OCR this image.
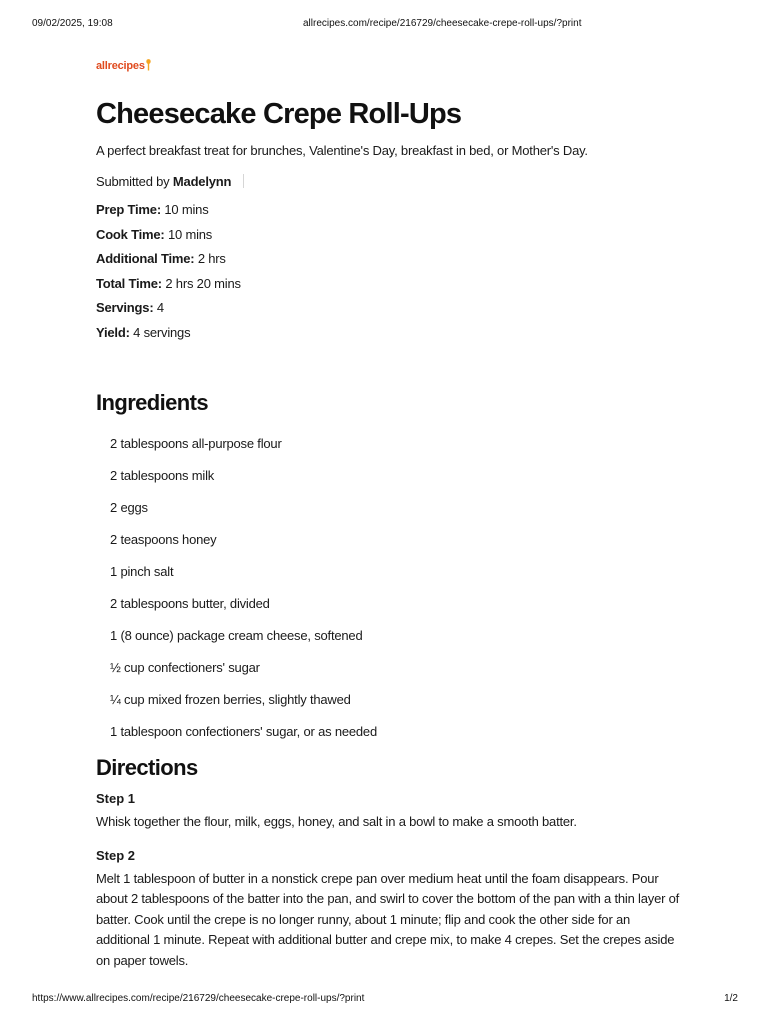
09/02/2025, 19:08	allrecipes.com/recipe/216729/cheesecake-crepe-roll-ups/?print
allrecipes
Cheesecake Crepe Roll-Ups

A perfect breakfast treat for brunches, Valentine's Day, breakfast in bed, or Mother's Day.

Submitted by Madelynn
Prep Time: 10 mins
Cook Time: 10 mins
Additional Time: 2 hrs
Total Time: 2 hrs 20 mins
Servings: 4
Yield: 4 servings
Ingredients
2 tablespoons all-purpose flour
2 tablespoons milk
2 eggs
2 teaspoons honey
1 pinch salt
2 tablespoons butter, divided
1 (8 ounce) package cream cheese, softened
½ cup confectioners' sugar
¼ cup mixed frozen berries, slightly thawed
1 tablespoon confectioners' sugar, or as needed
Directions
Step 1

Whisk together the flour, milk, eggs, honey, and salt in a bowl to make a smooth batter.

Step 2

Melt 1 tablespoon of butter in a nonstick crepe pan over medium heat until the foam disappears. Pour about 2 tablespoons of the batter into the pan, and swirl to cover the bottom of the pan with a thin layer of batter. Cook until the crepe is no longer runny, about 1 minute; flip and cook the other side for an additional 1 minute. Repeat with additional butter and crepe mix, to make 4 crepes. Set the crepes aside on paper towels.

https://www.allrecipes.com/recipe/216729/cheesecake-crepe-roll-ups/?print	1/2
